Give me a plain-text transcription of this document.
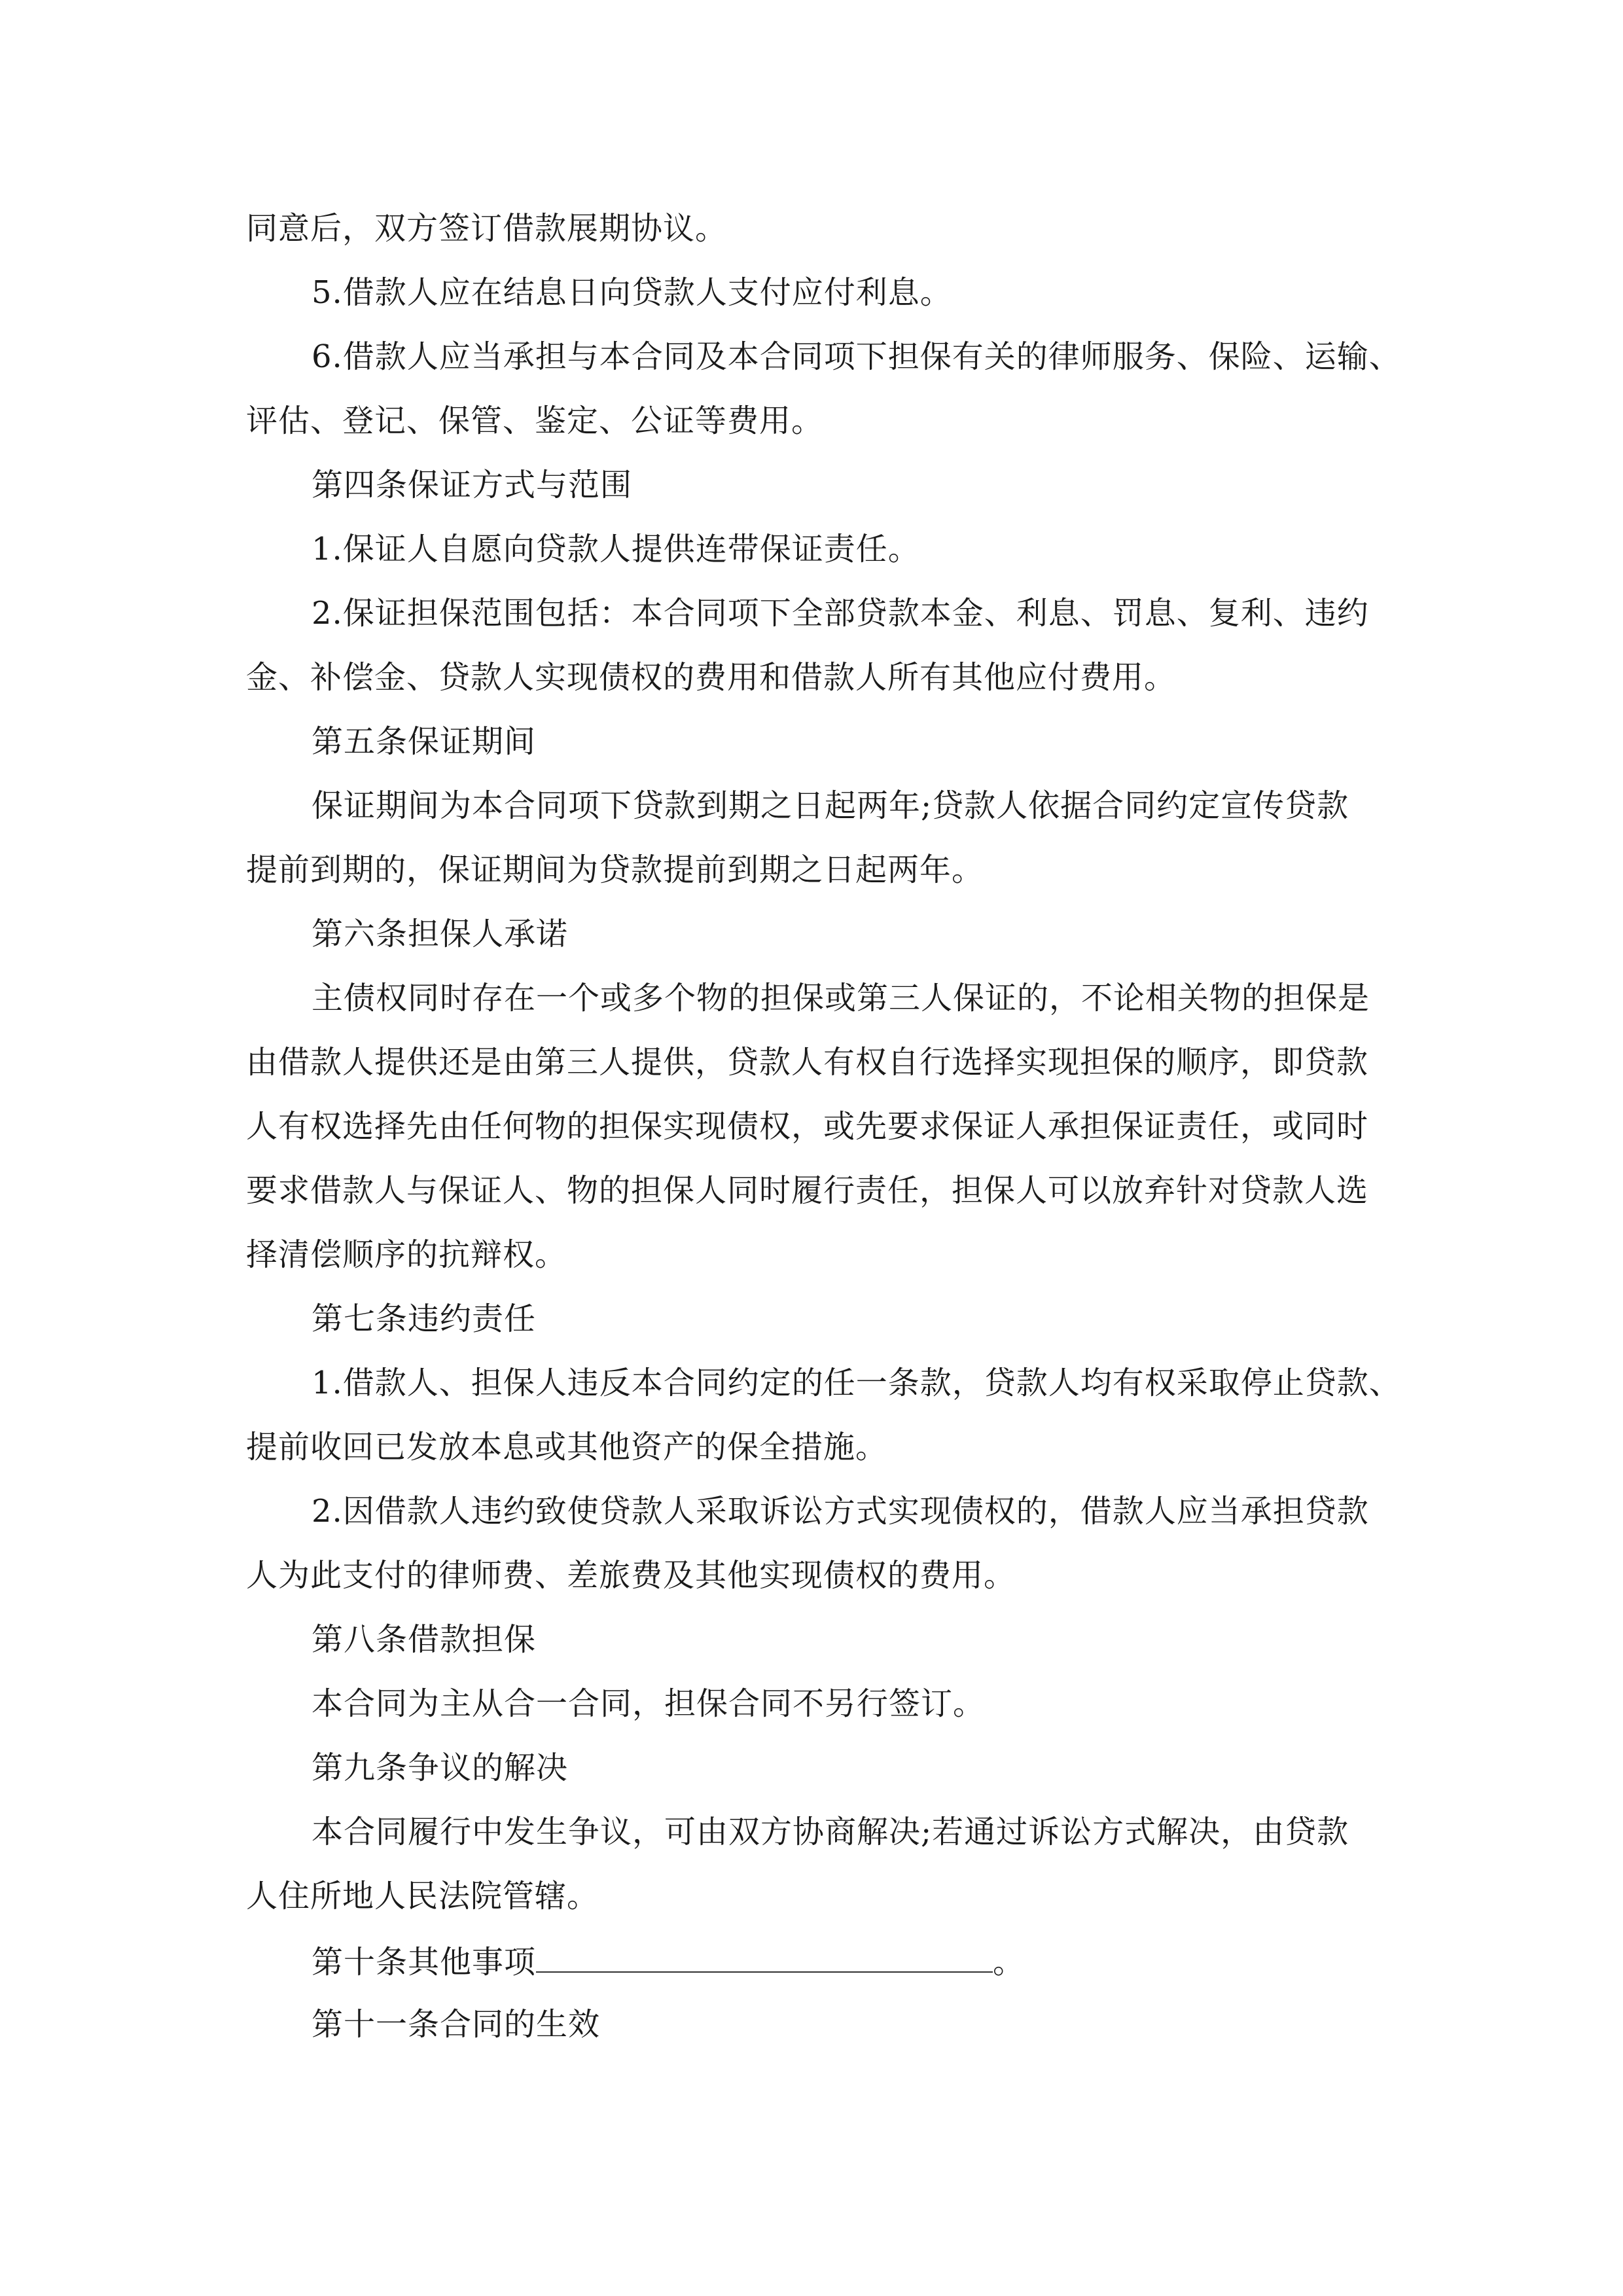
同意后，双方签订借款展期协议。
5.借款人应在结息日向贷款人支付应付利息。
6.借款人应当承担与本合同及本合同项下担保有关的律师服务、保险、运输、
评估、登记、保管、鉴定、公证等费用。
第四条保证方式与范围
1.保证人自愿向贷款人提供连带保证责任。
2.保证担保范围包括：本合同项下全部贷款本金、利息、罚息、复利、违约
金、补偿金、贷款人实现债权的费用和借款人所有其他应付费用。
第五条保证期间
保证期间为本合同项下贷款到期之日起两年;贷款人依据合同约定宣传贷款
提前到期的，保证期间为贷款提前到期之日起两年。
第六条担保人承诺
主债权同时存在一个或多个物的担保或第三人保证的，不论相关物的担保是
由借款人提供还是由第三人提供，贷款人有权自行选择实现担保的顺序，即贷款
人有权选择先由任何物的担保实现债权，或先要求保证人承担保证责任，或同时
要求借款人与保证人、物的担保人同时履行责任，担保人可以放弃针对贷款人选
择清偿顺序的抗辩权。
第七条违约责任
1.借款人、担保人违反本合同约定的任一条款，贷款人均有权采取停止贷款、
提前收回已发放本息或其他资产的保全措施。
2.因借款人违约致使贷款人采取诉讼方式实现债权的，借款人应当承担贷款
人为此支付的律师费、差旅费及其他实现债权的费用。
第八条借款担保
本合同为主从合一合同，担保合同不另行签订。
第九条争议的解决
本合同履行中发生争议，可由双方协商解决;若通过诉讼方式解决，由贷款
人住所地人民法院管辖。
第十条其他事项	。
第十一条合同的生效
